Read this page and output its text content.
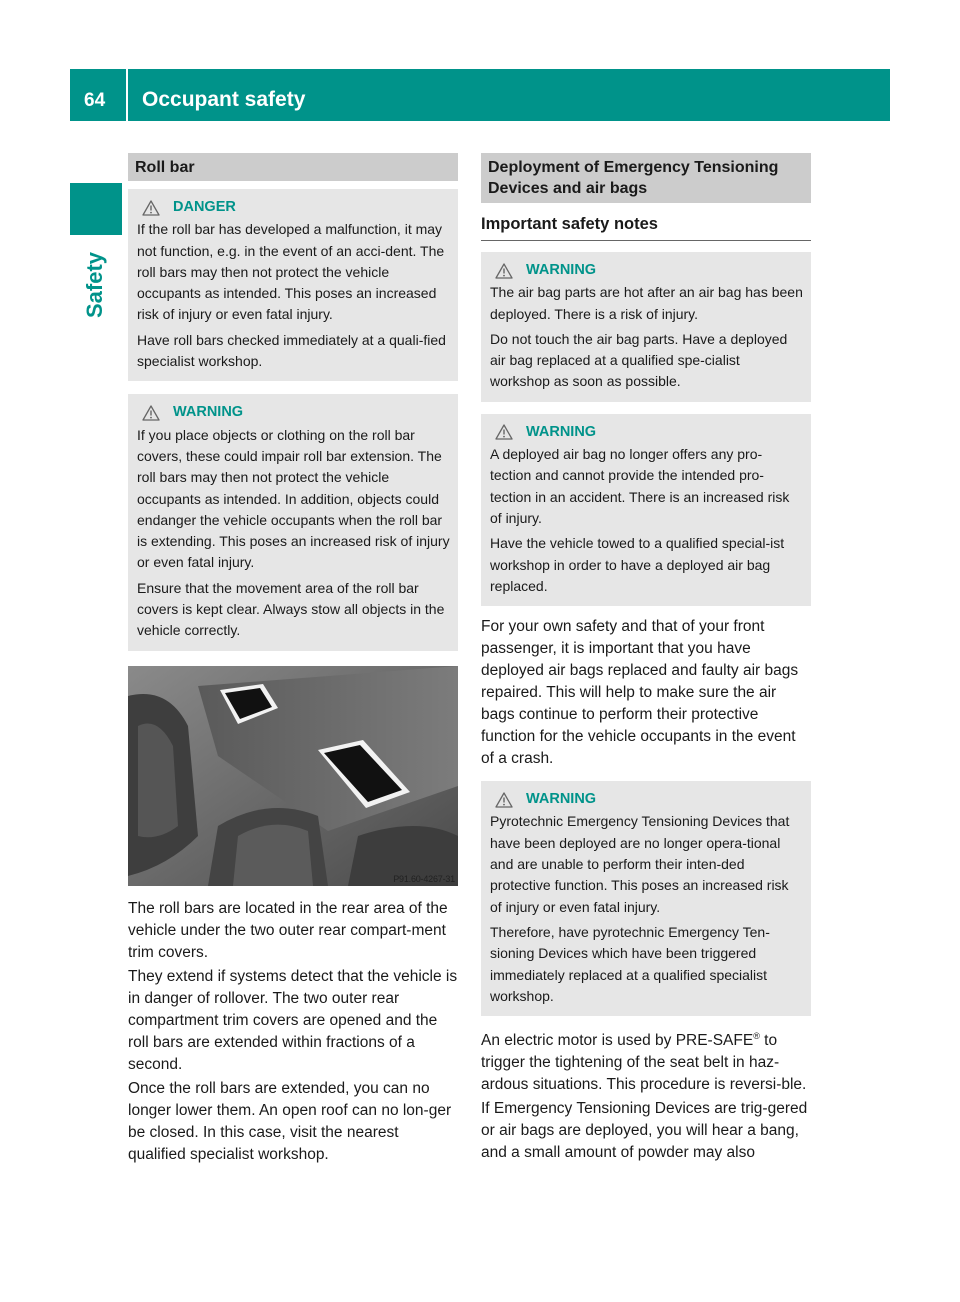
64 Occupant safety
Safety
Roll bar
DANGER

If the roll bar has developed a malfunction, it may not function, e.g. in the event of an acci-dent. The roll bars may then not protect the vehicle occupants as intended. This poses an increased risk of injury or even fatal injury.

Have roll bars checked immediately at a quali-fied specialist workshop.

WARNING

If you place objects or clothing on the roll bar covers, these could impair roll bar extension. The roll bars may then not protect the vehicle occupants as intended. In addition, objects could endanger the vehicle occupants when the roll bar is extending. This poses an increased risk of injury or even fatal injury.

Ensure that the movement area of the roll bar covers is kept clear. Always stow all objects in the vehicle correctly.

P91.60-4267-31

The roll bars are located in the rear area of the vehicle under the two outer rear compart-ment trim covers.

They extend if systems detect that the vehicle is in danger of rollover. The two outer rear compartment trim covers are opened and the roll bars are extended within fractions of a second.

Once the roll bars are extended, you can no longer lower them. An open roof can no lon-ger be closed. In this case, visit the nearest qualified specialist workshop.

Deployment of Emergency Tensioning
Devices and air bags
Important safety notes
WARNING

The air bag parts are hot after an air bag has been deployed. There is a risk of injury.

Do not touch the air bag parts. Have a deployed air bag replaced at a qualified spe-cialist workshop as soon as possible.

WARNING

A deployed air bag no longer offers any pro-tection and cannot provide the intended pro-tection in an accident. There is an increased risk of injury.

Have the vehicle towed to a qualified special-ist workshop in order to have a deployed air bag replaced.

For your own safety and that of your front passenger, it is important that you have deployed air bags replaced and faulty air bags repaired. This will help to make sure the air bags continue to perform their protective function for the vehicle occupants in the event of a crash.

WARNING

Pyrotechnic Emergency Tensioning Devices that have been deployed are no longer opera-tional and are unable to perform their inten-ded protective function. This poses an increased risk of injury or even fatal injury.

Therefore, have pyrotechnic Emergency Ten-sioning Devices which have been triggered immediately replaced at a qualified specialist workshop.

An electric motor is used by PRE-SAFE® to trigger the tightening of the seat belt in haz-ardous situations. This procedure is reversi-ble.

If Emergency Tensioning Devices are trig-gered or air bags are deployed, you will hear a bang, and a small amount of powder may also
